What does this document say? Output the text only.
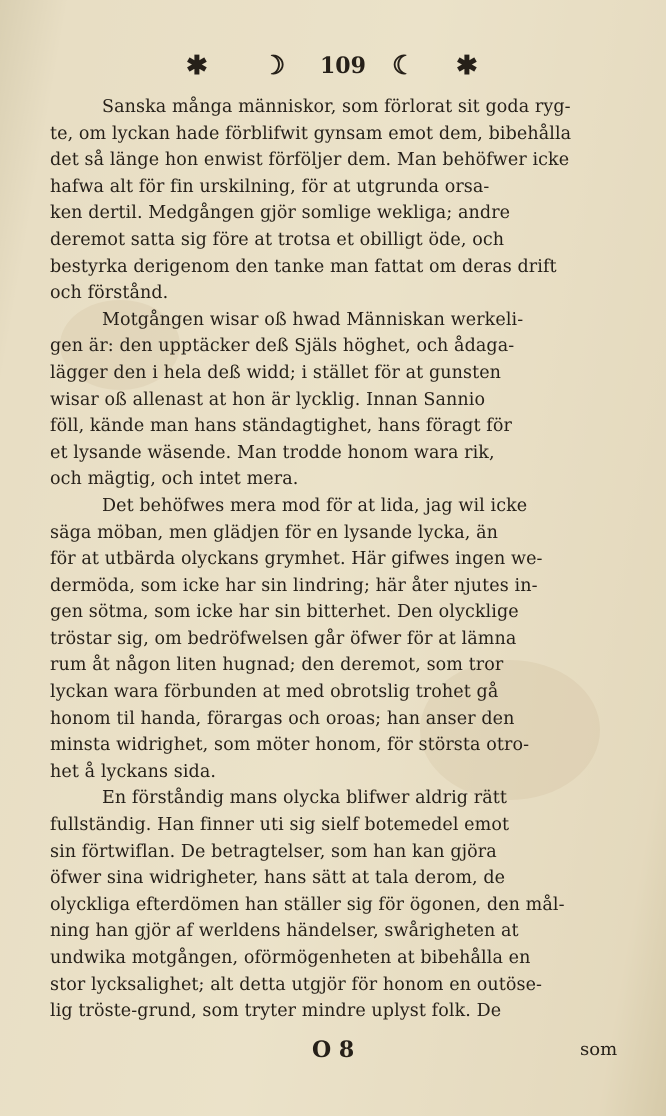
✱ ☽ 109 ☾ ✱
Sanska många människor, som förlorat sit goda ryg-
te, om lyckan hade förblifwit gynsam emot dem, bibehålla
det så länge hon enwist förföljer dem. Man behöfwer icke
hafwa alt för fin urskilning, för at utgrunda orsa-
ken dertil. Medgången gjör somlige wekliga; andre
deremot satta sig före at trotsa et obilligt öde, och
bestyrka derigenom den tanke man fattat om deras drift
och förstånd.
Motgången wisar oß hwad Människan werkeli-
gen är: den upptäcker deß Själs höghet, och ådaga-
lägger den i hela deß widd; i stället för at gunsten
wisar oß allenast at hon är lycklig. Innan Sannio
föll, kände man hans ständagtighet, hans föragt för
et lysande wäsende. Man trodde honom wara rik,
och mägtig, och intet mera.
Det behöfwes mera mod för at lida, jag wil icke
säga möban, men glädjen för en lysande lycka, än
för at utbärda olyckans grymhet. Här gifwes ingen we-
dermöda, som icke har sin lindring; här åter njutes in-
gen sötma, som icke har sin bitterhet. Den olycklige
tröstar sig, om bedröfwelsen går öfwer för at lämna
rum åt någon liten hugnad; den deremot, som tror
lyckan wara förbunden at med obrotslig trohet gå
honom til handa, förargas och oroas; han anser den
minsta widrighet, som möter honom, för största otro-
het å lyckans sida.
En förståndig mans olycka blifwer aldrig rätt
fullständig. Han finner uti sig sielf botemedel emot
sin förtwiflan. De betragtelser, som han kan gjöra
öfwer sina widrigheter, hans sätt at tala derom, de
olyckliga efterdömen han ställer sig för ögonen, den mål-
ning han gjör af werldens händelser, swårigheten at
undwika motgången, oförmögenheten at bibehålla en
stor lycksalighet; alt detta utgjör för honom en outöse-
lig tröste-grund, som tryter mindre uplyst folk. De
O 8	som
